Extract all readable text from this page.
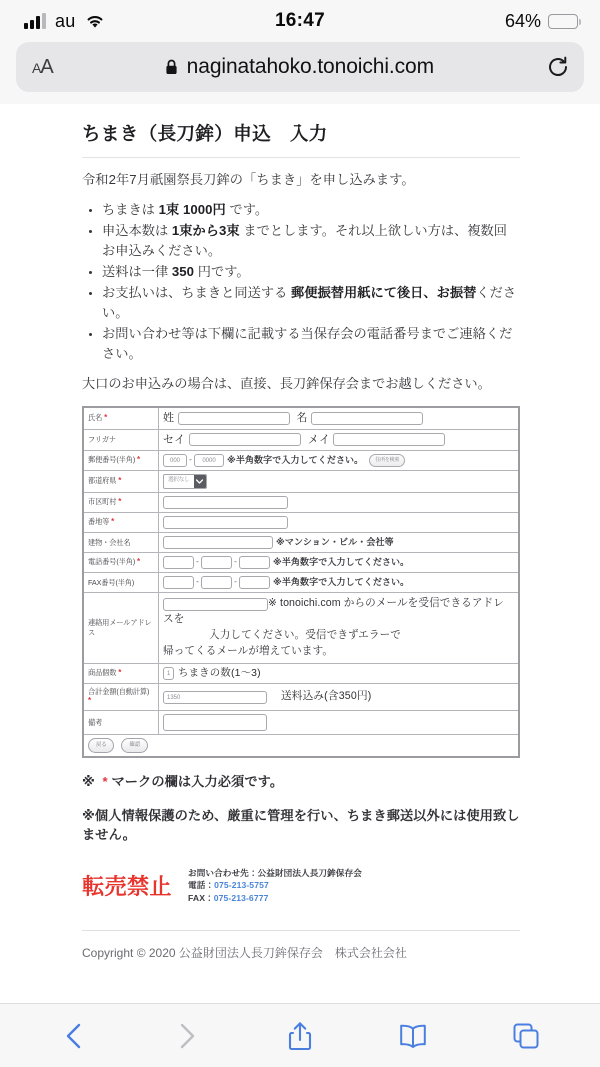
au	16:47	64%
AA	naginatahoko.tonoichi.com
ちまき（長刀鉾）申込　入力

令和2年7月祇園祭長刀鉾の「ちまき」を申し込みます。

• ちまきは 1束 1000円 です。
• 申込本数は 1束から3束 までとします。それ以上欲しい方は、複数回お申込みください。
• 送料は一律 350 円です。
• お支払いは、ちまきと同送する 郵便振替用紙にて後日、お振替ください。
• お問い合わせ等は下欄に記載する当保存会の電話番号までご連絡ください。

大口のお申込みの場合は、直接、長刀鉾保存会までお越しください。

氏名 *	姓 名
フリガナ	セイ メイ
郵便番号(半角) *	000 - 0000 ※半角数字で入力してください。 住所を検索
都道府県 *	選択なし

市区町村 *	
番地等 *	
建物・会社名	※マンション・ビル・会社等
電話番号(半角) *	- - ※半角数字で入力してください。
FAX番号(半角)	- - ※半角数字で入力してください。
連絡用メールアドレス	※ tonoichi.com からのメールを受信できるアドレスを
入力してください。受信できずエラーで
帰ってくるメールが増えています。

商品個数 *	1 ちまきの数(1〜3)
合計金額(自動計算) *	1350 送料込み(含350円)
備考	
戻る 確認	

※ * マークの欄は入力必須です。

※個人情報保護のため、厳重に管理を行い、ちまき郵送以外には使用致しません。

転売禁止
お問い合わせ先：公益財団法人長刀鉾保存会
電話：075-213-5757
FAX：075-213-6777

Copyright © 2020 公益財団法人長刀鉾保存会　株式会社会社
